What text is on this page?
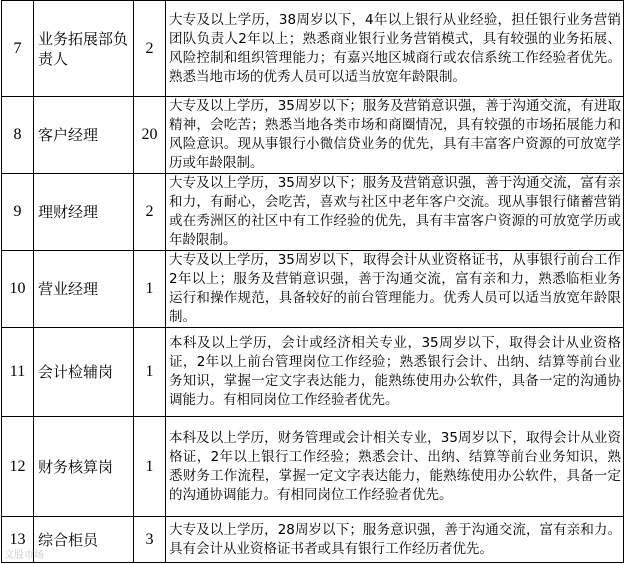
7	业务拓展部负责人	2	大专及以上学历，38周岁以下，4年以上银行从业经验，担任银行业务营销团队负责人2年以上；熟悉商业银行业务营销模式，具有较强的业务拓展、风险控制和组织管理能力；有嘉兴地区城商行或农信系统工作经验者优先。熟悉当地市场的优秀人员可以适当放宽年龄限制。
8	客户经理	20	大专及以上学历，35周岁以下；服务及营销意识强，善于沟通交流，有进取精神，会吃苦；熟悉当地各类市场和商圈情况，具有较强的市场拓展能力和风险意识。现从事银行小微信贷业务的优先，具有丰富客户资源的可放宽学历或年龄限制。
9	理财经理	2	大专及以上学历，35周岁以下；服务及营销意识强，善于沟通交流，富有亲和力，有耐心，会吃苦，喜欢与社区中老年客户交流。现从事银行储蓄营销或在秀洲区的社区中有工作经验的优先，具有丰富客户资源的可放宽学历或年龄限制。
10	营业经理	1	大专及以上学历，35周岁以下，取得会计从业资格证书，从事银行前台工作2年以上；服务及营销意识强，善于沟通交流，富有亲和力，熟悉临柜业务运行和操作规范，具备较好的前台管理能力。优秀人员可以适当放宽年龄限制。
11	会计检辅岗	1	本科及以上学历，会计或经济相关专业，35周岁以下，取得会计从业资格证，2年以上前台管理岗位工作经验；熟悉银行会计、出纳、结算等前台业务知识，掌握一定文字表达能力，能熟练使用办公软件，具备一定的沟通协调能力。有相同岗位工作经验者优先。
12	财务核算岗	1	本科及以上学历，财务管理或会计相关专业，35周岁以下，取得会计从业资格证，2年以上银行工作经验；熟悉会计、出纳、结算等前台业务知识，熟悉财务工作流程，掌握一定文字表达能力，能熟练使用办公软件，具备一定的沟通协调能力。有相同岗位工作经验者优先。
13	综合柜员	3	大专及以上学历，28周岁以下；服务意识强，善于沟通交流，富有亲和力。具有会计从业资格证书者或具有银行工作经历者优先。
文股市场
